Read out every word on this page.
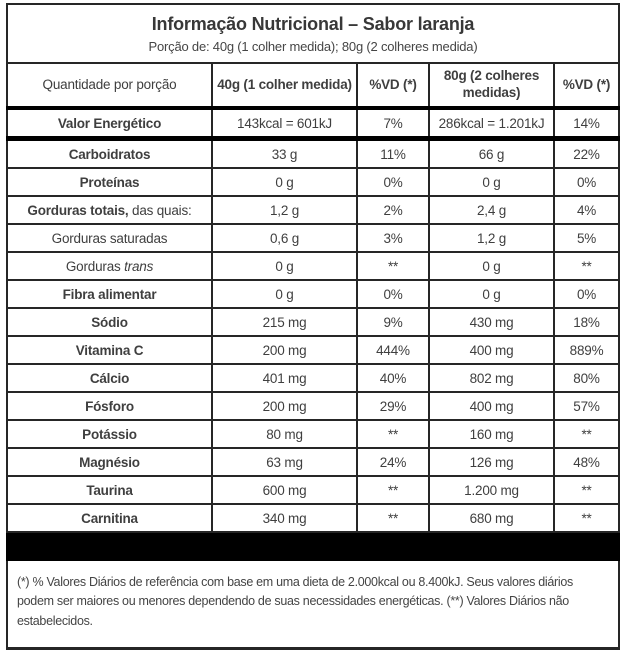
Informação Nutricional – Sabor laranja
Porção de: 40g (1 colher medida); 80g (2 colheres medida)				

Quantidade por porção	40g (1 colher medida)	%VD (*)	80g (2 colheres medidas)	%VD (*)
Valor Energético	143kcal = 601kJ	7%	286kcal = 1.201kJ	14%
Carboidratos	33 g	11%	66 g	22%
Proteínas	0 g	0%	0 g	0%
Gorduras totais, das quais:	1,2 g	2%	2,4 g	4%
Gorduras saturadas	0,6 g	3%	1,2 g	5%
Gorduras trans	0 g	**	0 g	**
Fibra alimentar	0 g	0%	0 g	0%
Sódio	215 mg	9%	430 mg	18%
Vitamina C	200 mg	444%	400 mg	889%
Cálcio	401 mg	40%	802 mg	80%
Fósforo	200 mg	29%	400 mg	57%
Potássio	80 mg	**	160 mg	**
Magnésio	63 mg	24%	126 mg	48%
Taurina	600 mg	**	1.200 mg	**
Carnitina	340 mg	**	680 mg	**

(*) % Valores Diários de referência com base em uma dieta de 2.000kcal ou 8.400kJ. Seus valores diários podem ser maiores ou menores dependendo de suas necessidades energéticas. (**) Valores Diários não estabelecidos.				
